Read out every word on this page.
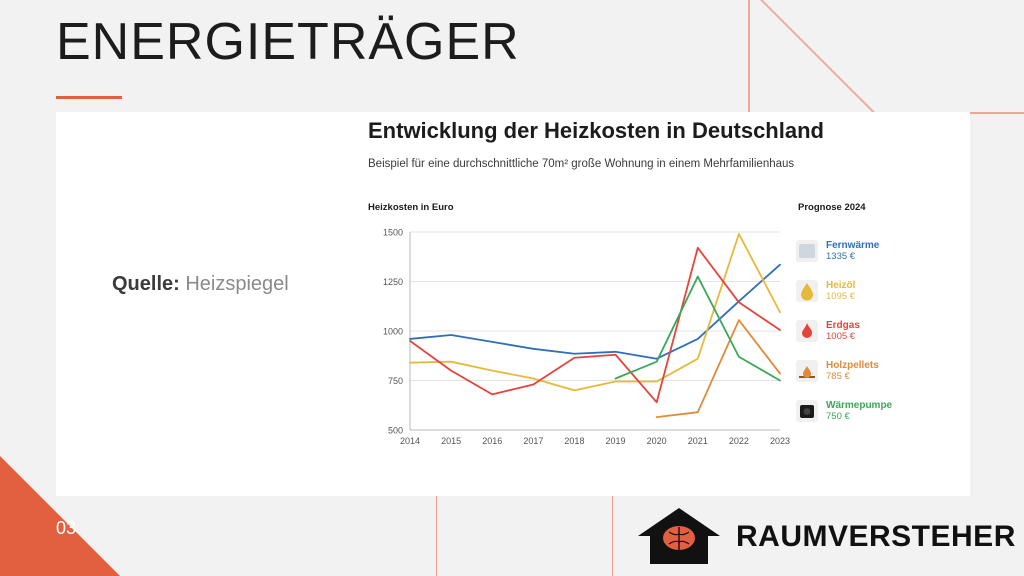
ENERGIETRÄGER
Quelle: Heizspiegel
Entwicklung der Heizkosten in Deutschland
Beispiel für eine durchschnittliche 70m² große Wohnung in einem Mehrfamilienhaus
Heizkosten in Euro	Prognose 2024
500
750
1000
1250
1500
2014 2015 2016 2017 2018 2019 2020 2021 2022 2023
Fernwärme
1335 €
Heizöl
1095 €
Erdgas
1005 €
Holzpellets
785 €
Wärmepumpe
750 €
03	RAUMVERSTEHER
